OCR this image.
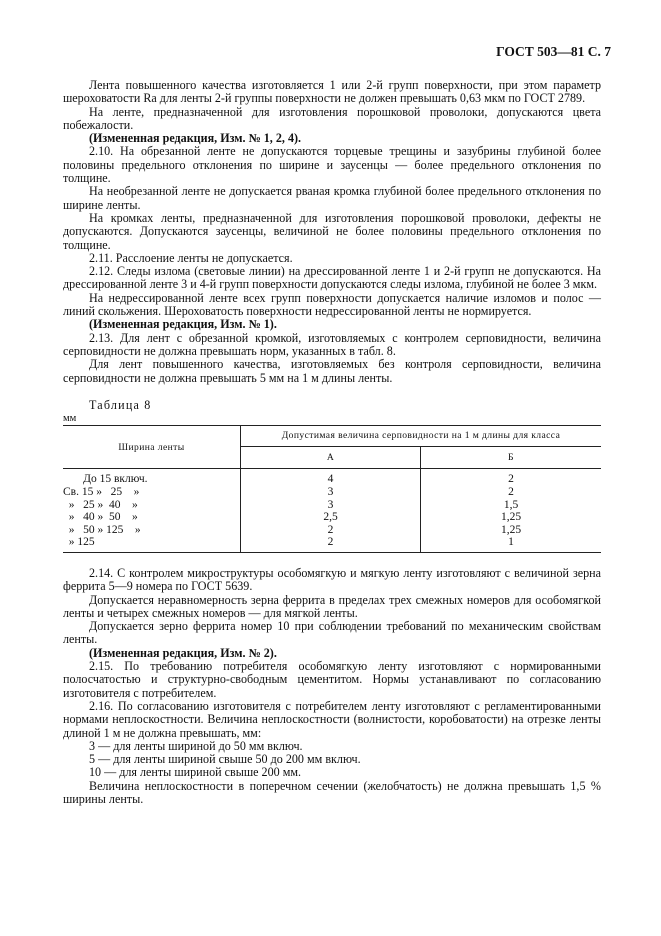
ГОСТ 503—81 С. 7

Лента повышенного качества изготовляется 1 или 2-й групп поверхности, при этом параметр шероховатости Ra для ленты 2-й группы поверхности не должен превышать 0,63 мкм по ГОСТ 2789.

На ленте, предназначенной для изготовления порошковой проволоки, допускаются цвета побежалости.

(Измененная редакция, Изм. № 1, 2, 4).

2.10. На обрезанной ленте не допускаются торцевые трещины и зазубрины глубиной более половины предельного отклонения по ширине и заусенцы — более предельного отклонения по толщине.

На необрезанной ленте не допускается рваная кромка глубиной более предельного отклонения по ширине ленты.

На кромках ленты, предназначенной для изготовления порошковой проволоки, дефекты не допускаются. Допускаются заусенцы, величиной не более половины предельного отклонения по толщине.

2.11. Расслоение ленты не допускается.

2.12. Следы излома (световые линии) на дрессированной ленте 1 и 2-й групп не допускаются. На дрессированной ленте 3 и 4-й групп поверхности допускаются следы излома, глубиной не более 3 мкм.

На недрессированной ленте всех групп поверхности допускается наличие изломов и полос — линий скольжения. Шероховатость поверхности недрессированной ленты не нормируется.

(Измененная редакция, Изм. № 1).

2.13. Для лент с обрезанной кромкой, изготовляемых с контролем серповидности, величина серповидности не должна превышать норм, указанных в табл. 8.

Для лент повышенного качества, изготовляемых без контроля серповидности, величина серповидности не должна превышать 5 мм на 1 м длины ленты.

Таблица 8

мм

Ширина ленты	Допустимая величина серповидности на 1 м длины для класса	
	А	Б
До 15 включ.	4	2
Св. 15 »   25    »	3	2
»   25 »  40    »	3	1,5
»   40 »  50    »	2,5	1,25
»   50 » 125    »	2	1,25
» 125	2	1

2.14. С контролем микроструктуры особомягкую и мягкую ленту изготовляют с величиной зерна феррита 5—9 номера по ГОСТ 5639.

Допускается неравномерность зерна феррита в пределах трех смежных номеров для особомягкой ленты и четырех смежных номеров — для мягкой ленты.

Допускается зерно феррита номер 10 при соблюдении требований по механическим свойствам ленты.

(Измененная редакция, Изм. № 2).

2.15. По требованию потребителя особомягкую ленту изготовляют с нормированными полосчатостью и структурно-свободным цементитом. Нормы устанавливают по согласованию изготовителя с потребителем.

2.16. По согласованию изготовителя с потребителем ленту изготовляют с регламентированными нормами неплоскостности. Величина неплоскостности (волнистости, коробоватости) на отрезке ленты длиной 1 м не должна превышать, мм:

3 — для ленты шириной до 50 мм включ.

5 — для ленты шириной свыше 50 до 200 мм включ.

10 — для ленты шириной свыше 200 мм.

Величина неплоскостности в поперечном сечении (желобчатость) не должна превышать 1,5 % ширины ленты.
